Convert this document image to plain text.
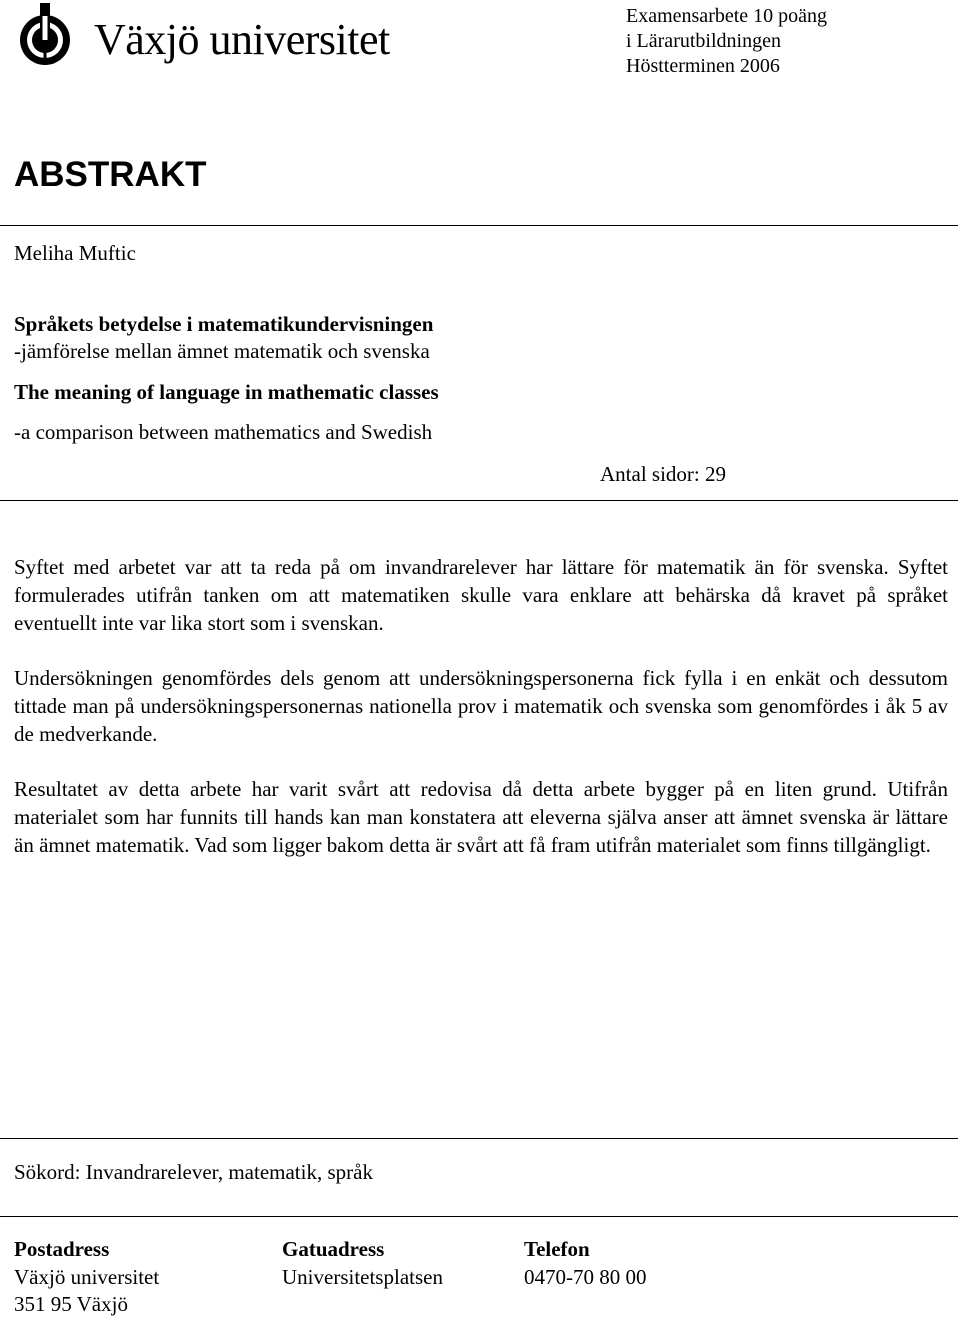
Växjö universitet	Examensarbete 10 poäng
i Lärarutbildningen
Höstterminen 2006
ABSTRAKT
Meliha Muftic
Språkets betydelse i matematikundervisningen
-jämförelse mellan ämnet matematik och svenska
The meaning of language in mathematic classes
-a comparison between mathematics and Swedish
Antal sidor: 29
Syftet med arbetet var att ta reda på om invandrarelever har lättare för matematik än för svenska. Syftet formulerades utifrån tanken om att matematiken skulle vara enklare att behärska då kravet på språket eventuellt inte var lika stort som i svenskan.
Undersökningen genomfördes dels genom att undersökningspersonerna fick fylla i en enkät och dessutom tittade man på undersökningspersonernas nationella prov i matematik och svenska som genomfördes i åk 5 av de medverkande.
Resultatet av detta arbete har varit svårt att redovisa då detta arbete bygger på en liten grund. Utifrån materialet som har funnits till hands kan man konstatera att eleverna själva anser att ämnet svenska är lättare än ämnet matematik. Vad som ligger bakom detta är svårt att få fram utifrån materialet som finns tillgängligt.
Sökord: Invandrarelever, matematik, språk
Postadress
Växjö universitet
351 95 Växjö
Gatuadress
Universitetsplatsen
Telefon
0470-70 80 00
